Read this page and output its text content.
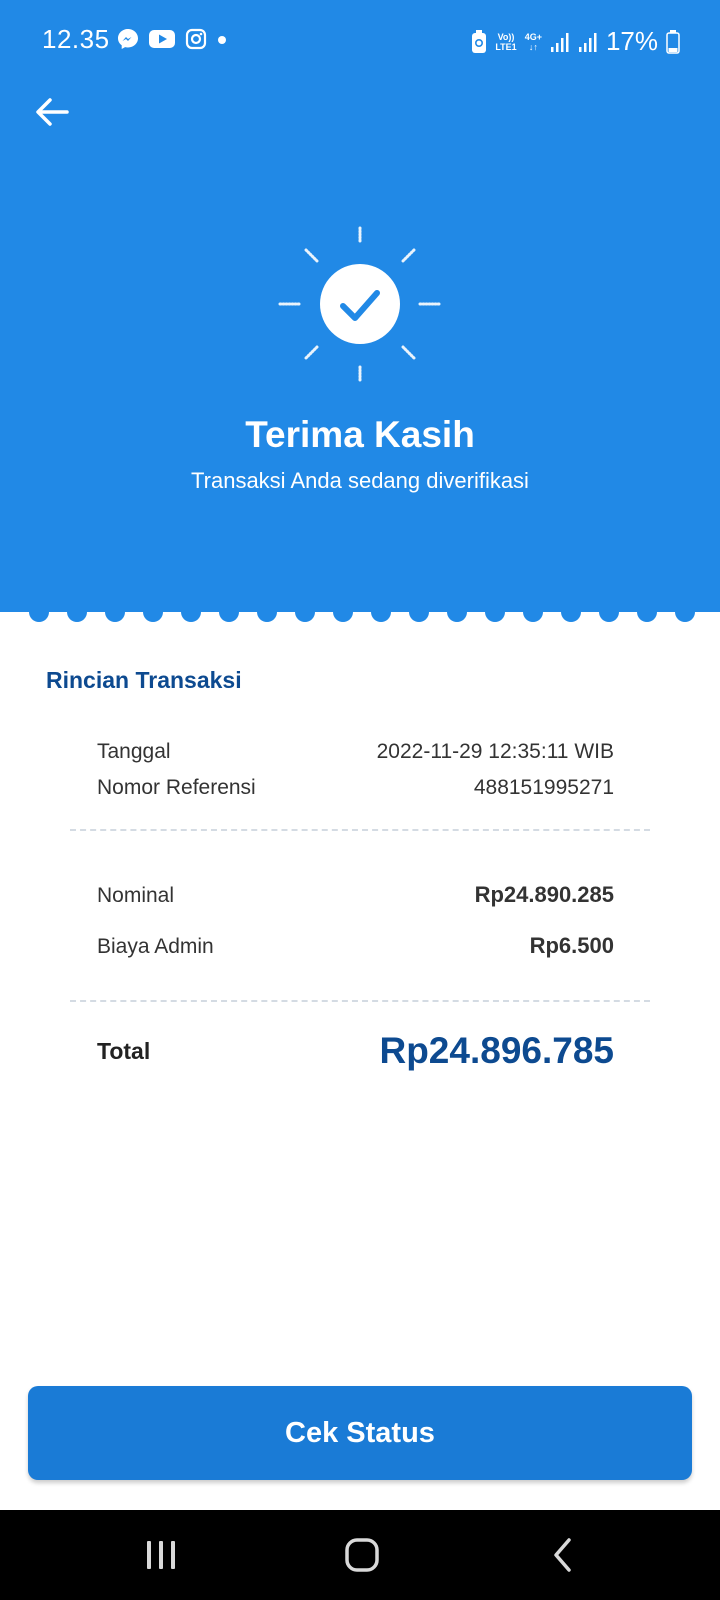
12.35	Vo))
LTE1
4G+
↓↑	17%
Terima Kasih
Transaksi Anda sedang diverifikasi
Rincian Transaksi
Tanggal	2022-11-29 12:35:11 WIB
Nomor Referensi	488151995271
Nominal	Rp24.890.285
Biaya Admin	Rp6.500
Total	Rp24.896.785
Cek Status
